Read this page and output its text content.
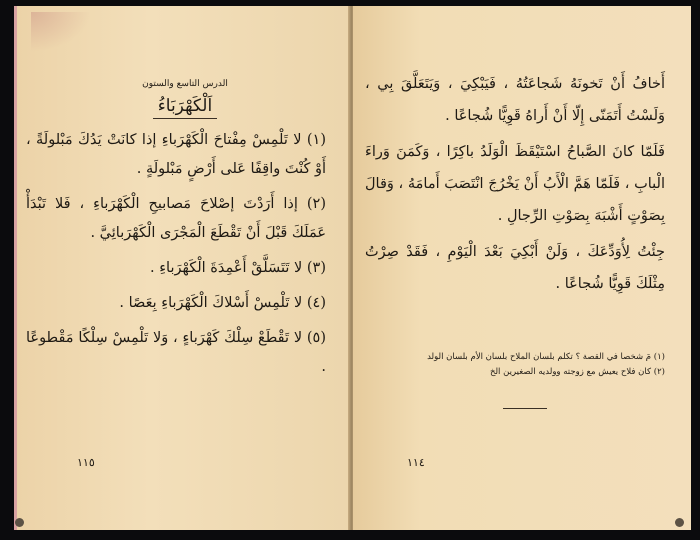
الدرس التاسع والستون
اَلْكَهْرَبَاءُ
(١) لا تَلْمِسْ مِفْتاحَ الْكَهْرَباءِ إذا كانَتْ يَدُكَ مَبْلولَةً ، أَوْ كُنْتَ واقِفًا عَلى أَرْضٍ مَبْلولَةٍ .
(٢) إذا أَرَدْتَ إصْلاحَ مَصابيحِ الْكَهْرَباءِ ، فَلا تَبْدَأْ عَمَلَكَ قَبْلَ أَنْ تَقْطَعَ الْمَجْرَى الْكَهْرَبائِيَّ .
(٣) لا تَتَسَلَّقْ أَعْمِدَةَ الْكَهْرَباءِ .
(٤) لا تَلْمِسْ أَسْلاكَ الْكَهْرَباءِ بِعَصًا .
(٥) لا تَقْطَعْ سِلْكَ كَهْرَباءٍ ، وَلا تَلْمِسْ سِلْكًا مَقْطوعًا .
١١٥

أَخافُ أَنْ تَخونَهُ شَجاعَتُهُ ، فَيَبْكِيَ ، وَيَتَعَلَّقَ بِي ، وَلَسْتُ أَتَمَنّى إِلّا أَنْ أَراهُ قَوِيًّا شُجاعًا .

فَلَمّا كانَ الصَّباحُ اسْتَيْقَظَ الْوَلَدُ باكِرًا ، وَكَمَنَ وَراءَ الْبابِ ، فَلَمّا هَمَّ الْأَبُ أَنْ يَخْرُجَ انْتَصَبَ أَمامَهُ ، وَقالَ بِصَوْتٍ أَشْبَهَ بِصَوْتِ الرِّجالِ .

جِئْتُ لِأُوَدِّعَكَ ، وَلَنْ أَبْكِيَ بَعْدَ الْيَوْمِ ، فَقَدْ صِرْتُ مِثْلَكَ قَوِيًّا شُجاعًا .

(١) مَ شخصا في القصة ؟ تكلم بلسان الملاح بلسان الأم بلسان الولد
(٢) كان فلاح يعيش مع زوجته وولديه الصغيرين الخ
١١٤
